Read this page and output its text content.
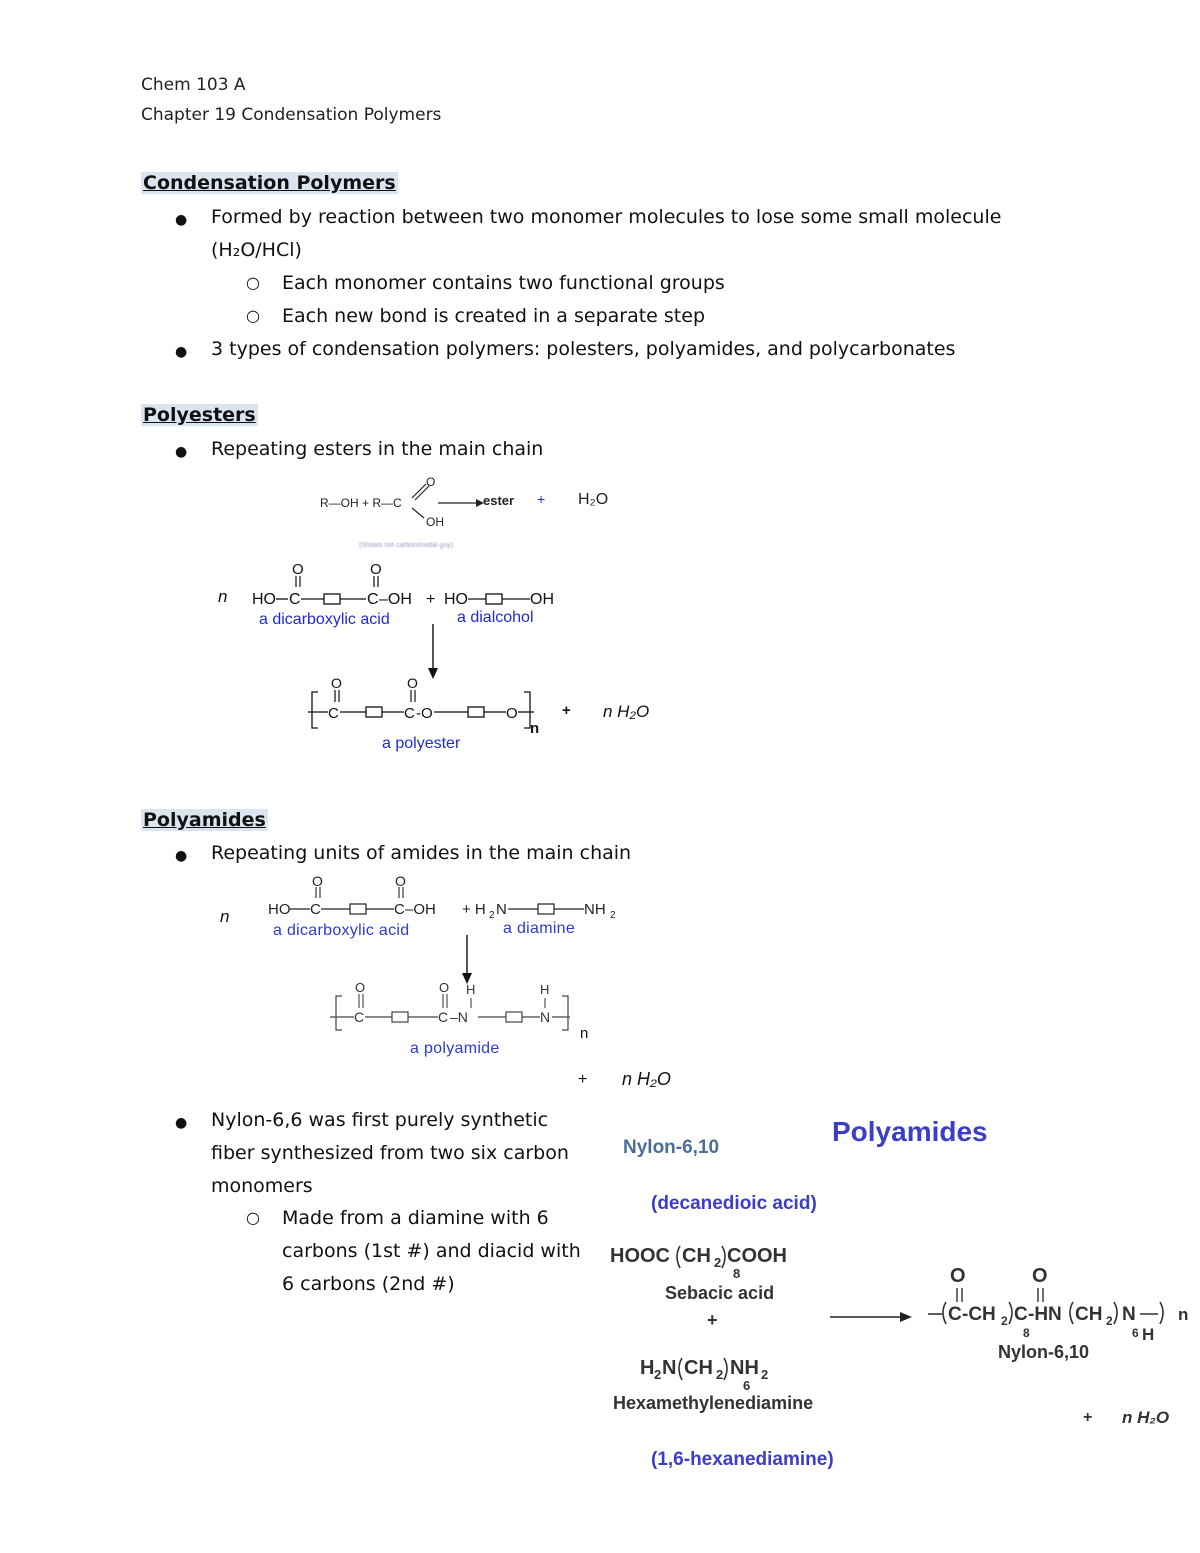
Chem 103 A
Chapter 19 Condensation Polymers
Condensation Polymers
● Formed by reaction between two monomer molecules to lose some small molecule
(H₂O/HCl)
○ Each monomer contains two functional groups
○ Each new bond is created in a separate step
● 3 types of condensation polymers: polesters, polyamides, and polycarbonates
Polyesters
● Repeating esters in the main chain
R—OH + R—C
O
OH
→ ester + H₂O
(Shows not carbon/oxidal guy)
n HO C
O
C
O
–OH + HO	OH
a dicarboxylic acid	a dialcohol
C
O
C
O
-O	O
n
+ n H₂O
a polyester
Polyamides
● Repeating units of amides in the main chain
n	HO C
O
C
O
–OH + H 2 N	NH 2
a dicarboxylic acid	a diamine
C
O
C
O
–N
H
N
H
n
a polyamide
+ n H₂O
● Nylon-6,6 was first purely synthetic
fiber synthesized from two six carbon
monomers
○ Made from a diamine with 6
carbons (1st #) and diacid with
6 carbons (2nd #)
Polyamides
Nylon-6,10
(decanedioic acid)
HOOC CH 2 COOH
8
Sebacic acid
+
H 2 N CH 2 NH 2
6
Hexamethylenediamine
(1,6-hexanediamine)
O
C -CH 2 C
8
O
-HN CH 2
6 H
N n
Nylon-6,10
+ n H₂O
